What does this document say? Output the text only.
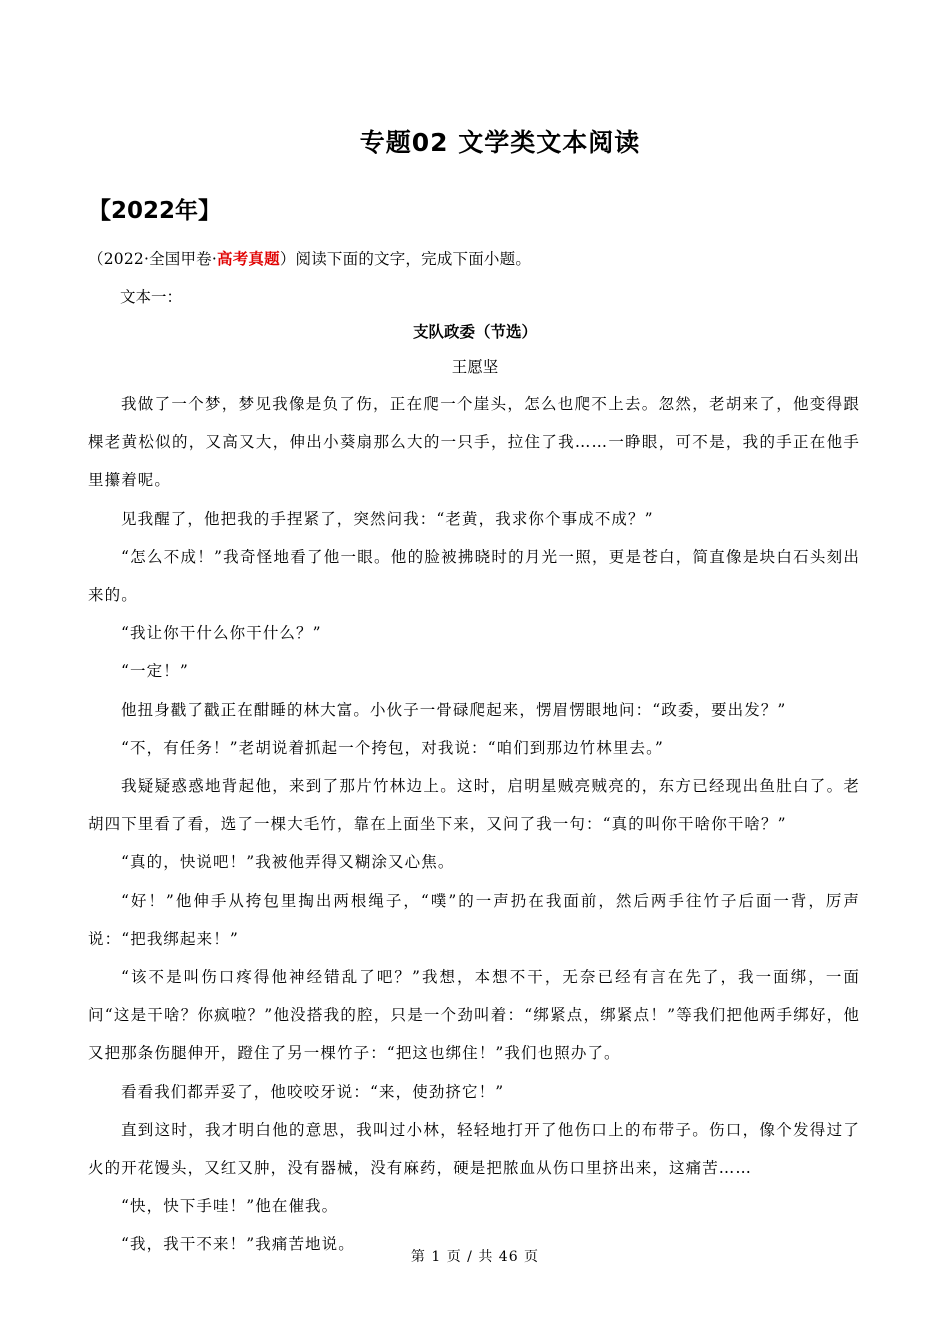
专题02 文学类文本阅读
【2022年】
（2022·全国甲卷·高考真题）阅读下面的文字，完成下面小题。
文本一：
支队政委（节选）
王愿坚

我做了一个梦，梦见我像是负了伤，正在爬一个崖头，怎么也爬不上去。忽然，老胡来了，他变得跟棵老黄松似的，又高又大，伸出小葵扇那么大的一只手，拉住了我……一睁眼，可不是，我的手正在他手里攥着呢。

见我醒了，他把我的手捏紧了，突然问我：“老黄，我求你个事成不成？”

“怎么不成！”我奇怪地看了他一眼。他的脸被拂晓时的月光一照，更是苍白，简直像是块白石头刻出来的。

“我让你干什么你干什么？”

“一定！”

他扭身戳了戳正在酣睡的林大富。小伙子一骨碌爬起来，愣眉愣眼地问：“政委，要出发？”

“不，有任务！”老胡说着抓起一个挎包，对我说：“咱们到那边竹林里去。”

我疑疑惑惑地背起他，来到了那片竹林边上。这时，启明星贼亮贼亮的，东方已经现出鱼肚白了。老胡四下里看了看，选了一棵大毛竹，靠在上面坐下来，又问了我一句：“真的叫你干啥你干啥？”

“真的，快说吧！”我被他弄得又糊涂又心焦。

“好！”他伸手从挎包里掏出两根绳子，“噗”的一声扔在我面前，然后两手往竹子后面一背，厉声说：“把我绑起来！”

“该不是叫伤口疼得他神经错乱了吧？”我想，本想不干，无奈已经有言在先了，我一面绑，一面问“这是干啥？你疯啦？”他没搭我的腔，只是一个劲叫着：“绑紧点，绑紧点！”等我们把他两手绑好，他又把那条伤腿伸开，蹬住了另一棵竹子：“把这也绑住！”我们也照办了。

看看我们都弄妥了，他咬咬牙说：“来，使劲挤它！”

直到这时，我才明白他的意思，我叫过小林，轻轻地打开了他伤口上的布带子。伤口，像个发得过了火的开花馒头，又红又肿，没有器械，没有麻药，硬是把脓血从伤口里挤出来，这痛苦……

“快，快下手哇！”他在催我。

“我，我干不来！”我痛苦地说。

第 1 页 / 共 46 页
